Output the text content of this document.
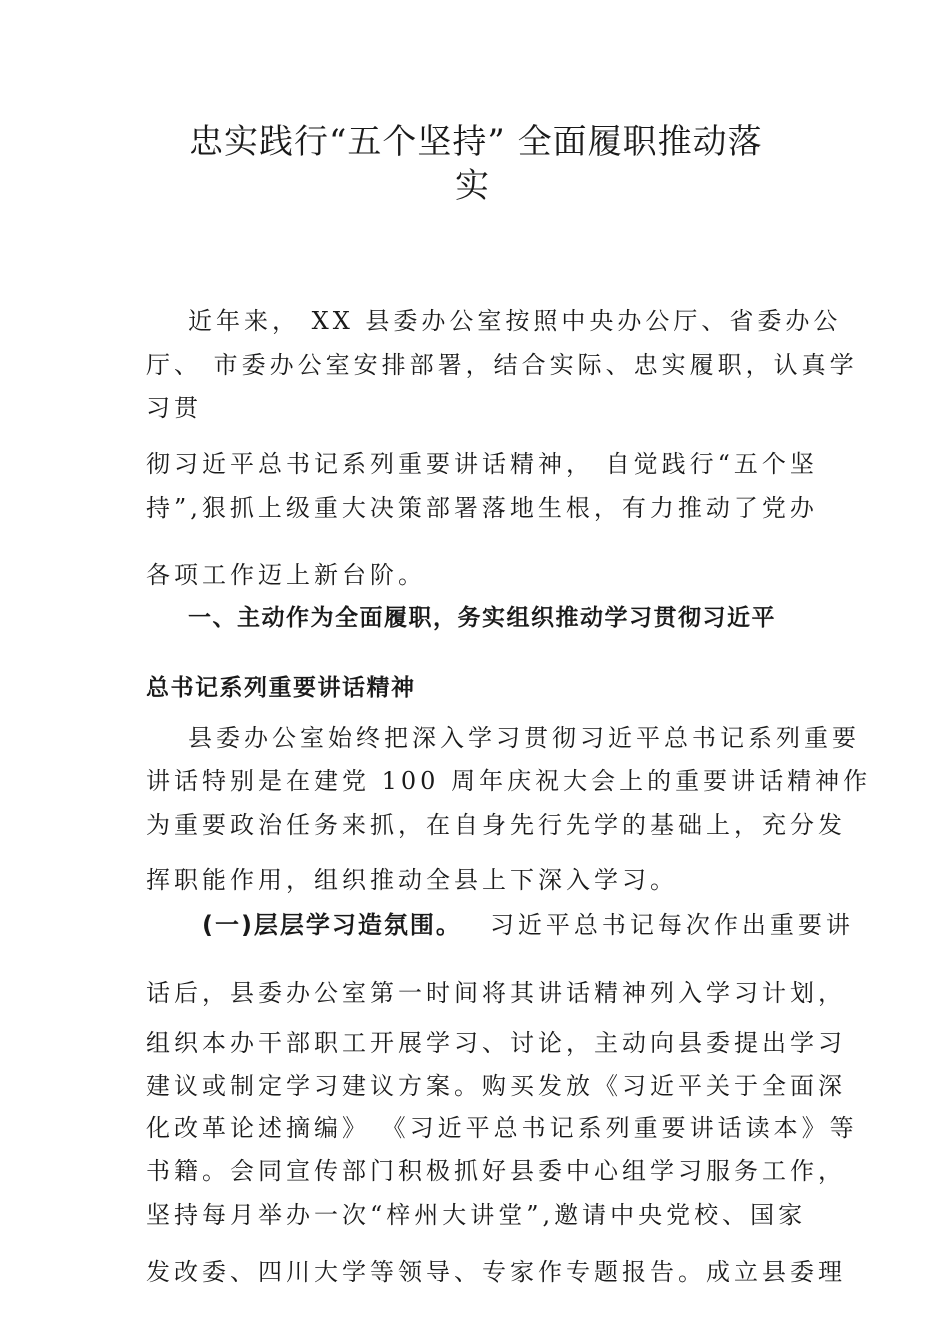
忠实践行“五个坚持” 全面履职推动落
实
近年来， XX 县委办公室按照中央办公厅、省委办公
厅、 市委办公室安排部署，结合实际、忠实履职，认真学
习贯
彻习近平总书记系列重要讲话精神， 自觉践行“五个坚
持”,狠抓上级重大决策部署落地生根，有力推动了党办
各项工作迈上新台阶。
一、主动作为全面履职，务实组织推动学习贯彻习近平
总书记系列重要讲话精神
县委办公室始终把深入学习贯彻习近平总书记系列重要
讲话特别是在建党 100 周年庆祝大会上的重要讲话精神作
为重要政治任务来抓，在自身先行先学的基础上，充分发
挥职能作用，组织推动全县上下深入学习。
(一)层层学习造氛围。 习近平总书记每次作出重要讲
话后，县委办公室第一时间将其讲话精神列入学习计划，
组织本办干部职工开展学习、讨论，主动向县委提出学习
建议或制定学习建议方案。购买发放《习近平关于全面深
化改革论述摘编》 《习近平总书记系列重要讲话读本》等
书籍。会同宣传部门积极抓好县委中心组学习服务工作，
坚持每月举办一次“梓州大讲堂”,邀请中央党校、国家
发改委、四川大学等领导、专家作专题报告。成立县委理
